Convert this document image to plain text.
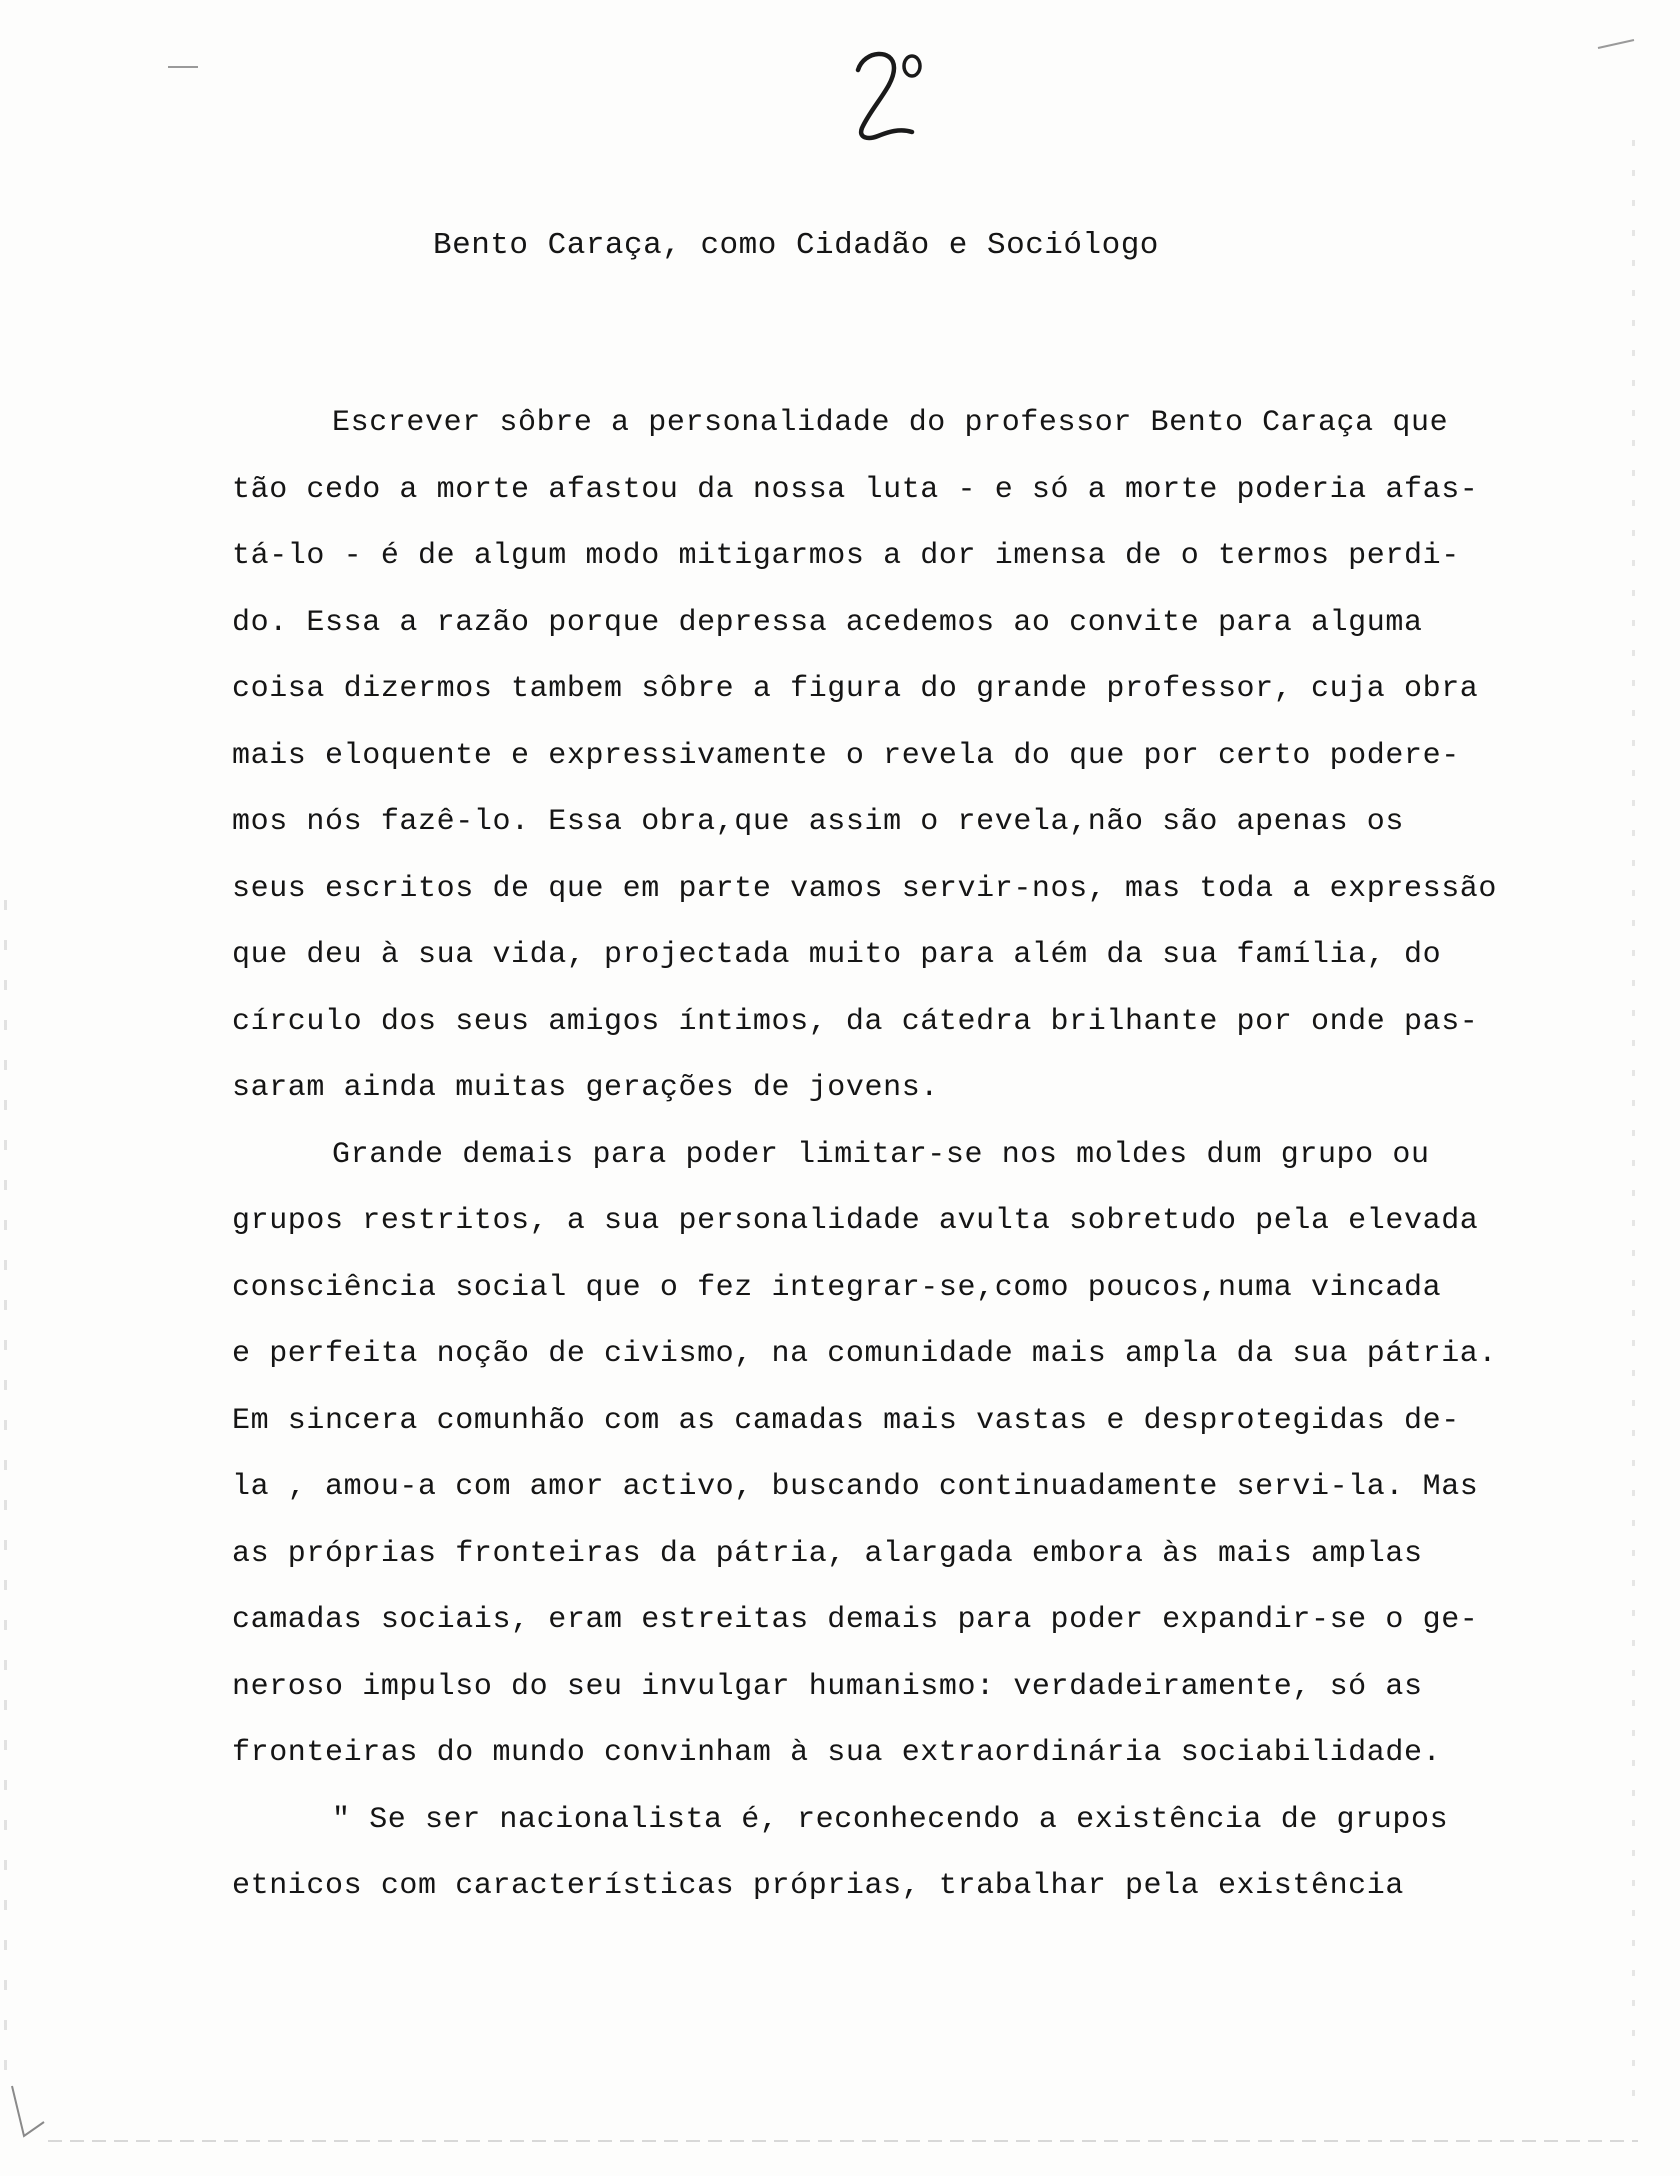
Bento Caraça, como Cidadão e Sociólogo
Escrever sôbre a personalidade do professor Bento Caraça que
tão cedo a morte afastou da nossa luta - e só a morte poderia afas-
tá-lo - é de algum modo mitigarmos a dor imensa de o termos perdi-
do. Essa a razão porque depressa acedemos ao convite para alguma
coisa dizermos tambem sôbre a figura do grande professor, cuja obra
mais eloquente e expressivamente o revela do que por certo podere-
mos nós fazê-lo. Essa obra,que assim o revela,não são apenas os
seus escritos de que em parte vamos servir-nos, mas toda a expressão
que deu à sua vida, projectada muito para além da sua família, do
círculo dos seus amigos íntimos, da cátedra brilhante por onde pas-
saram ainda muitas gerações de jovens.
Grande demais para poder limitar-se nos moldes dum grupo ou
grupos restritos, a sua personalidade avulta sobretudo pela elevada
consciência social que o fez integrar-se,como poucos,numa vincada
e perfeita noção de civismo, na comunidade mais ampla da sua pátria.
Em sincera comunhão com as camadas mais vastas e desprotegidas de-
la , amou-a com amor activo, buscando continuadamente servi-la. Mas
as próprias fronteiras da pátria, alargada embora às mais amplas
camadas sociais, eram estreitas demais para poder expandir-se o ge-
neroso impulso do seu invulgar humanismo: verdadeiramente, só as
fronteiras do mundo convinham à sua extraordinária sociabilidade.
" Se ser nacionalista é, reconhecendo a existência de grupos
etnicos com características próprias, trabalhar pela existência
